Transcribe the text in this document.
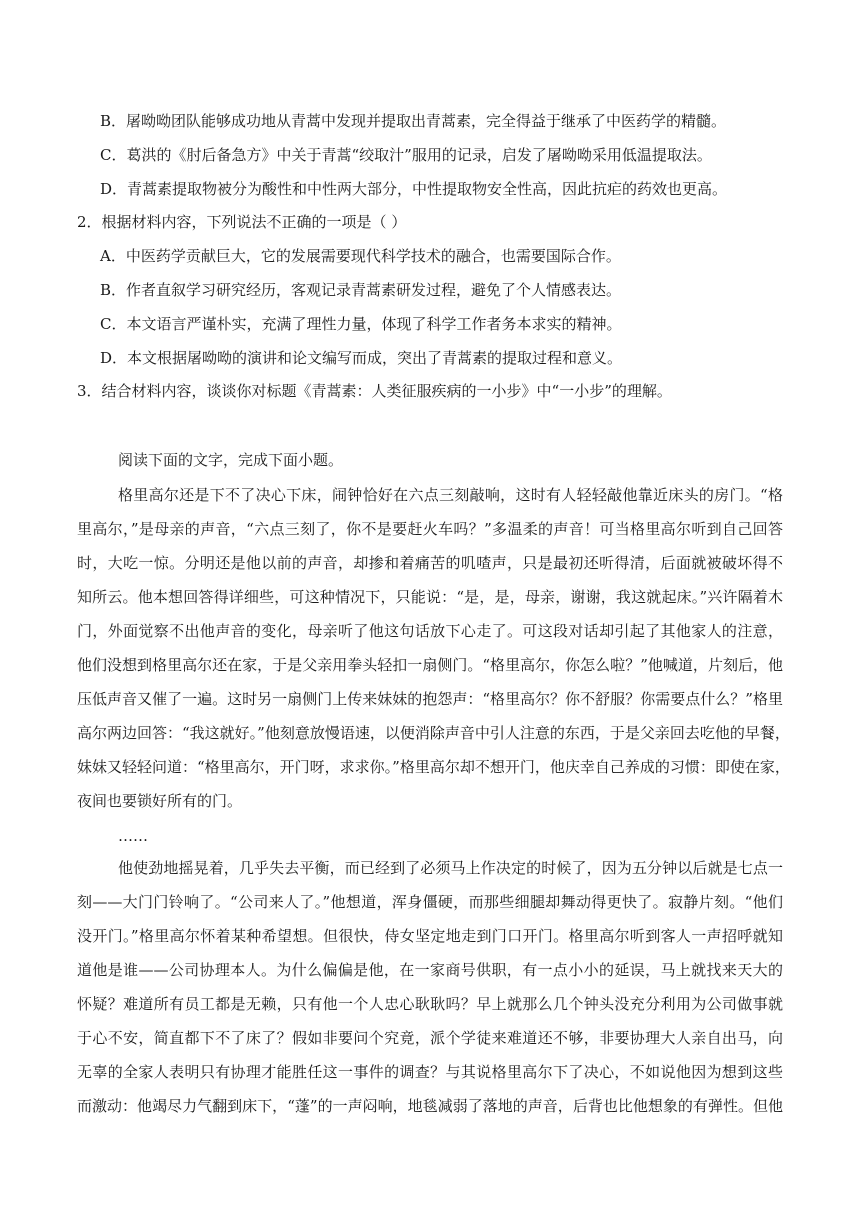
B．屠呦呦团队能够成功地从青蒿中发现并提取出青蒿素，完全得益于继承了中医药学的精髓。

C．葛洪的《肘后备急方》中关于青蒿“绞取汁”服用的记录，启发了屠呦呦采用低温提取法。

D．青蒿素提取物被分为酸性和中性两大部分，中性提取物安全性高，因此抗疟的药效也更高。

2．根据材料内容，下列说法不正确的一项是（ ）

A．中医药学贡献巨大，它的发展需要现代科学技术的融合，也需要国际合作。

B．作者直叙学习研究经历，客观记录青蒿素研发过程，避免了个人情感表达。

C．本文语言严谨朴实，充满了理性力量，体现了科学工作者务本求实的精神。

D．本文根据屠呦呦的演讲和论文编写而成，突出了青蒿素的提取过程和意义。

3．结合材料内容，谈谈你对标题《青蒿素：人类征服疾病的一小步》中“一小步”的理解。

阅读下面的文字，完成下面小题。

格里高尔还是下不了决心下床，闹钟恰好在六点三刻敲响，这时有人轻轻敲他靠近床头的房门。“格

里高尔，”是母亲的声音，“六点三刻了，你不是要赶火车吗？”多温柔的声音！可当格里高尔听到自己回答

时，大吃一惊。分明还是他以前的声音，却掺和着痛苦的叽喳声，只是最初还听得清，后面就被破坏得不

知所云。他本想回答得详细些，可这种情况下，只能说：“是，是，母亲，谢谢，我这就起床。”兴许隔着木

门，外面觉察不出他声音的变化，母亲听了他这句话放下心走了。可这段对话却引起了其他家人的注意，

他们没想到格里高尔还在家，于是父亲用拳头轻扣一扇侧门。“格里高尔，你怎么啦？”他喊道，片刻后，他

压低声音又催了一遍。这时另一扇侧门上传来妹妹的抱怨声：“格里高尔？你不舒服？你需要点什么？”格里

高尔两边回答：“我这就好。”他刻意放慢语速，以便消除声音中引人注意的东西，于是父亲回去吃他的早餐，

妹妹又轻轻问道：“格里高尔，开门呀，求求你。”格里高尔却不想开门，他庆幸自己养成的习惯：即使在家，

夜间也要锁好所有的门。

……

他使劲地摇晃着，几乎失去平衡，而已经到了必须马上作决定的时候了，因为五分钟以后就是七点一

刻——大门门铃响了。“公司来人了。”他想道，浑身僵硬，而那些细腿却舞动得更快了。寂静片刻。“他们

没开门。”格里高尔怀着某种希望想。但很快，侍女坚定地走到门口开门。格里高尔听到客人一声招呼就知

道他是谁——公司协理本人。为什么偏偏是他，在一家商号供职，有一点小小的延误，马上就找来天大的

怀疑？难道所有员工都是无赖，只有他一个人忠心耿耿吗？早上就那么几个钟头没充分利用为公司做事就

于心不安，简直都下不了床了？假如非要问个究竟，派个学徒来难道还不够，非要协理大人亲自出马，向

无辜的全家人表明只有协理才能胜任这一事件的调查？与其说格里高尔下了决心，不如说他因为想到这些

而激动：他竭尽力气翻到床下，“蓬”的一声闷响，地毯减弱了落地的声音，后背也比他想象的有弹性。但他
